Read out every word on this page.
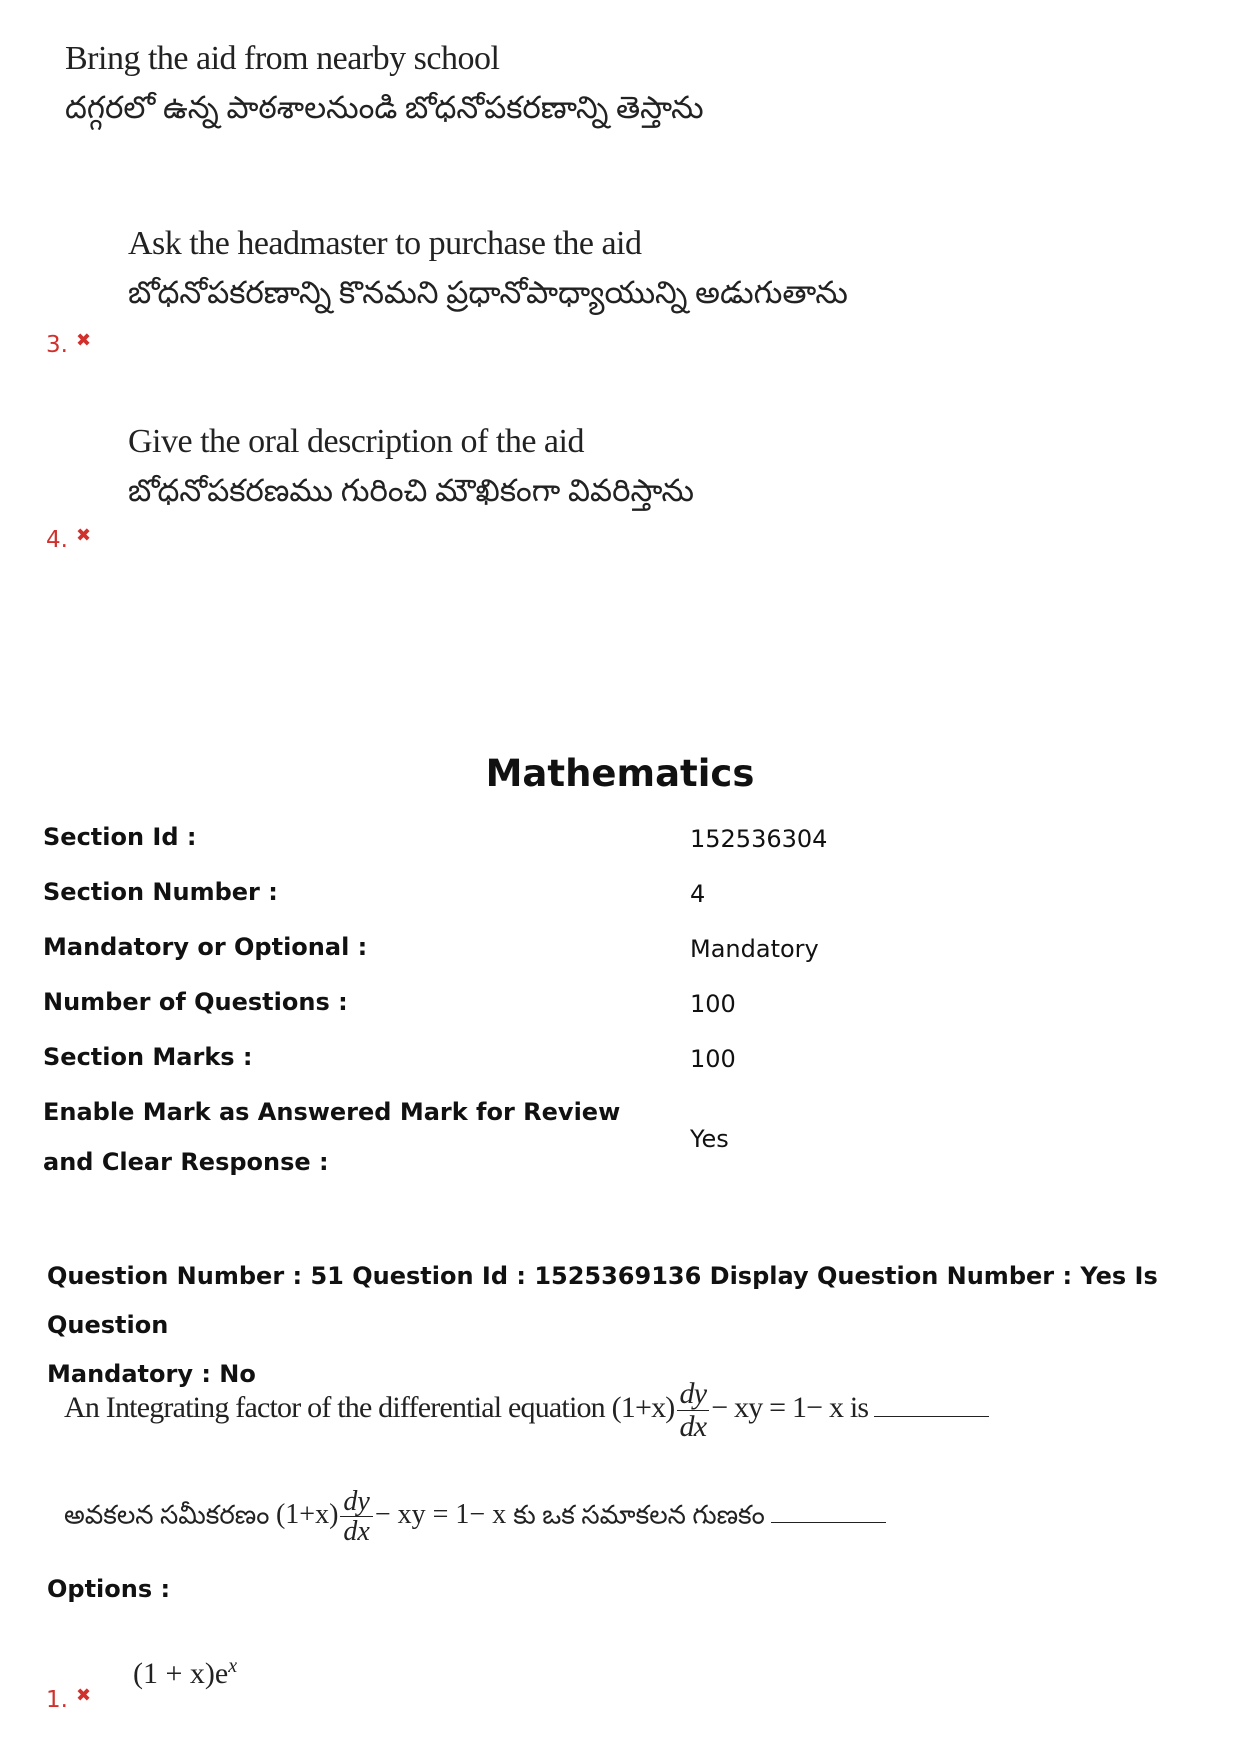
Bring the aid from nearby school
దగ్గరలో ఉన్న పాఠశాలనుండి బోధనోపకరణాన్ని తెస్తాను
Ask the headmaster to purchase the aid
బోధనోపకరణాన్ని కొనమని ప్రధానోపాధ్యాయున్ని అడుగుతాను
3. ✖
Give the oral description of the aid
బోధనోపకరణము గురించి మౌఖికంగా వివరిస్తాను
4. ✖
Mathematics
Section Id :	152536304
Section Number :	4
Mandatory or Optional :	Mandatory
Number of Questions :	100
Section Marks :	100
Enable Mark as Answered Mark for Review and Clear Response :
Yes
Question Number : 51 Question Id : 1525369136 Display Question Number : Yes Is Question
Mandatory : No
An Integrating factor of the differential equation $(1+x) \frac{dy}{dx}$ − xy = 1− x is
అవకలన సమీకరణం $(1+x) \frac{dy}{dx}$ − xy = 1− x కు ఒక సమాకలన గుణకం
Options :
$(1 + x)e^x$
1. ✖
